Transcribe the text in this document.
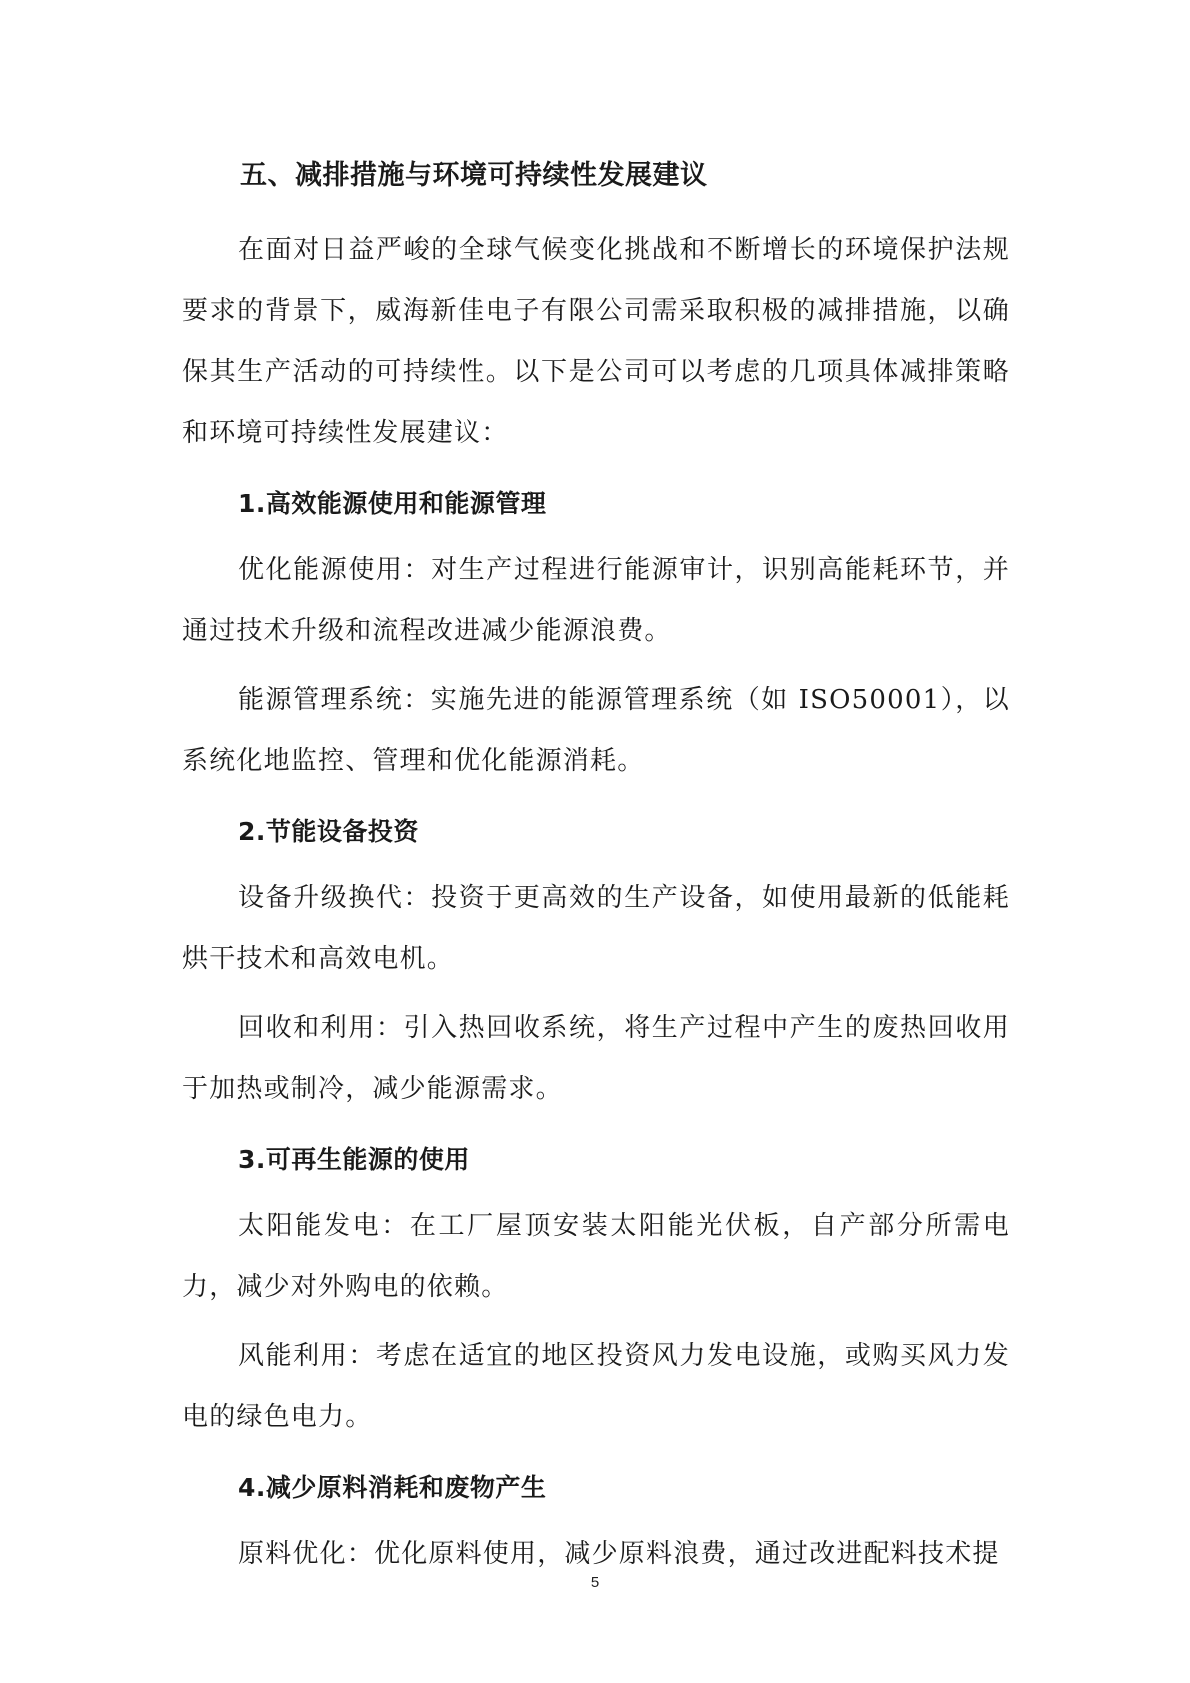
五、减排措施与环境可持续性发展建议

在面对日益严峻的全球气候变化挑战和不断增长的环境保护法规要求的背景下，威海新佳电子有限公司需采取积极的减排措施，以确保其生产活动的可持续性。以下是公司可以考虑的几项具体减排策略和环境可持续性发展建议：

1.高效能源使用和能源管理

优化能源使用：对生产过程进行能源审计，识别高能耗环节，并通过技术升级和流程改进减少能源浪费。

能源管理系统：实施先进的能源管理系统（如 ISO50001），以系统化地监控、管理和优化能源消耗。

2.节能设备投资

设备升级换代：投资于更高效的生产设备，如使用最新的低能耗烘干技术和高效电机。

回收和利用：引入热回收系统，将生产过程中产生的废热回收用于加热或制冷，减少能源需求。

3.可再生能源的使用

太阳能发电：在工厂屋顶安装太阳能光伏板，自产部分所需电力，减少对外购电的依赖。

风能利用：考虑在适宜的地区投资风力发电设施，或购买风力发电的绿色电力。

4.减少原料消耗和废物产生

原料优化：优化原料使用，减少原料浪费，通过改进配料技术提

5
